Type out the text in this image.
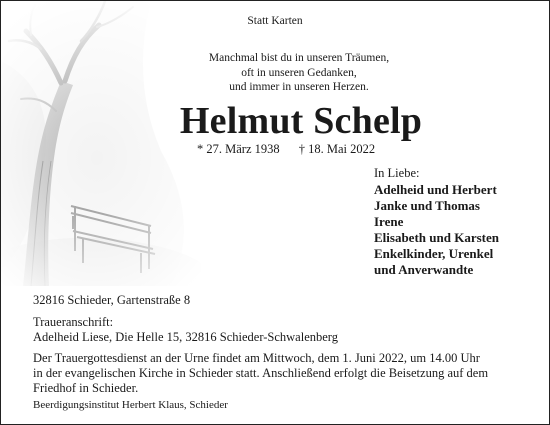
Statt Karten
Manchmal bist du in unseren Träumen,
oft in unseren Gedanken,
und immer in unseren Herzen.
Helmut Schelp
* 27. März 1938 † 18. Mai 2022
In Liebe:
Adelheid und Herbert
Janke und Thomas
Irene
Elisabeth und Karsten
Enkelkinder, Urenkel
und Anverwandte
32816 Schieder, Gartenstraße 8
Traueranschrift:
Adelheid Liese, Die Helle 15, 32816 Schieder-Schwalenberg
Der Trauergottesdienst an der Urne findet am Mittwoch, dem 1. Juni 2022, um 14.00 Uhr
in der evangelischen Kirche in Schieder statt. Anschließend erfolgt die Beisetzung auf dem
Friedhof in Schieder.
Beerdigungsinstitut Herbert Klaus, Schieder
